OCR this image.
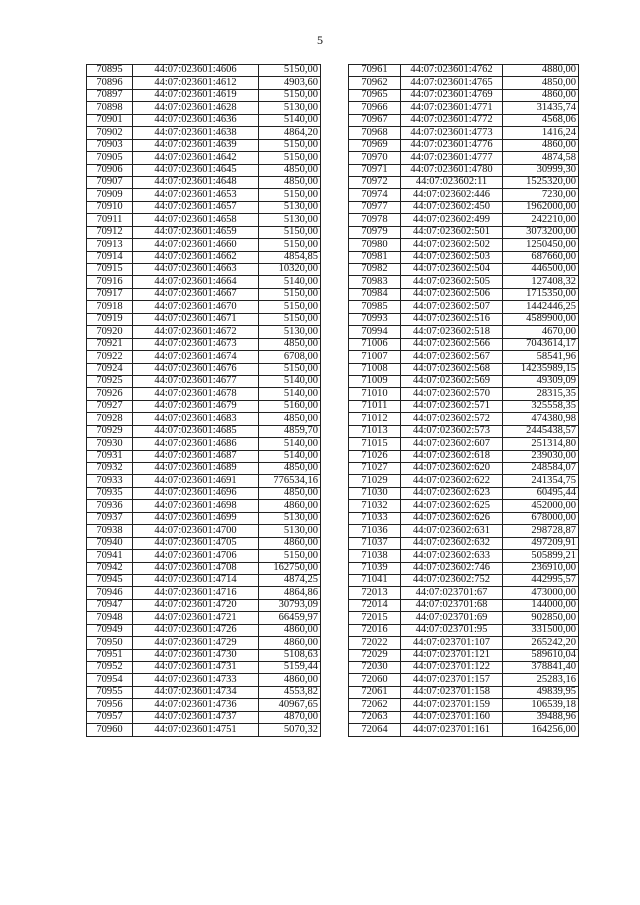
5
70895	44:07:023601:4606	5150,00
70896	44:07:023601:4612	4903,60
70897	44:07:023601:4619	5150,00
70898	44:07:023601:4628	5130,00
70901	44:07:023601:4636	5140,00
70902	44:07:023601:4638	4864,20
70903	44:07:023601:4639	5150,00
70905	44:07:023601:4642	5150,00
70906	44:07:023601:4645	4850,00
70907	44:07:023601:4648	4850,00
70909	44:07:023601:4653	5150,00
70910	44:07:023601:4657	5130,00
70911	44:07:023601:4658	5130,00
70912	44:07:023601:4659	5150,00
70913	44:07:023601:4660	5150,00
70914	44:07:023601:4662	4854,85
70915	44:07:023601:4663	10320,00
70916	44:07:023601:4664	5140,00
70917	44:07:023601:4667	5150,00
70918	44:07:023601:4670	5150,00
70919	44:07:023601:4671	5150,00
70920	44:07:023601:4672	5130,00
70921	44:07:023601:4673	4850,00
70922	44:07:023601:4674	6708,00
70924	44:07:023601:4676	5150,00
70925	44:07:023601:4677	5140,00
70926	44:07:023601:4678	5140,00
70927	44:07:023601:4679	5160,00
70928	44:07:023601:4683	4850,00
70929	44:07:023601:4685	4859,70
70930	44:07:023601:4686	5140,00
70931	44:07:023601:4687	5140,00
70932	44:07:023601:4689	4850,00
70933	44:07:023601:4691	776534,16
70935	44:07:023601:4696	4850,00
70936	44:07:023601:4698	4860,00
70937	44:07:023601:4699	5130,00
70938	44:07:023601:4700	5130,00
70940	44:07:023601:4705	4860,00
70941	44:07:023601:4706	5150,00
70942	44:07:023601:4708	162750,00
70945	44:07:023601:4714	4874,25
70946	44:07:023601:4716	4864,86
70947	44:07:023601:4720	30793,09
70948	44:07:023601:4721	66459,97
70949	44:07:023601:4726	4860,00
70950	44:07:023601:4729	4860,00
70951	44:07:023601:4730	5108,63
70952	44:07:023601:4731	5159,44
70954	44:07:023601:4733	4860,00
70955	44:07:023601:4734	4553,82
70956	44:07:023601:4736	40967,65
70957	44:07:023601:4737	4870,00
70960	44:07:023601:4751	5070,32
70961	44:07:023601:4762	4880,00
70962	44:07:023601:4765	4850,00
70965	44:07:023601:4769	4860,00
70966	44:07:023601:4771	31435,74
70967	44:07:023601:4772	4568,06
70968	44:07:023601:4773	1416,24
70969	44:07:023601:4776	4860,00
70970	44:07:023601:4777	4874,58
70971	44:07:023601:4780	30999,30
70972	44:07:023602:11	1525320,00
70974	44:07:023602:446	7230,00
70977	44:07:023602:450	1962000,00
70978	44:07:023602:499	242210,00
70979	44:07:023602:501	3073200,00
70980	44:07:023602:502	1250450,00
70981	44:07:023602:503	687660,00
70982	44:07:023602:504	446500,00
70983	44:07:023602:505	127408,32
70984	44:07:023602:506	1715350,00
70985	44:07:023602:507	1442446,25
70993	44:07:023602:516	4589900,00
70994	44:07:023602:518	4670,00
71006	44:07:023602:566	7043614,17
71007	44:07:023602:567	58541,96
71008	44:07:023602:568	14235989,15
71009	44:07:023602:569	49309,09
71010	44:07:023602:570	28315,35
71011	44:07:023602:571	325558,35
71012	44:07:023602:572	474380,98
71013	44:07:023602:573	2445438,57
71015	44:07:023602:607	251314,80
71026	44:07:023602:618	239030,00
71027	44:07:023602:620	248584,07
71029	44:07:023602:622	241354,75
71030	44:07:023602:623	60495,44
71032	44:07:023602:625	452000,00
71033	44:07:023602:626	678000,00
71036	44:07:023602:631	298728,87
71037	44:07:023602:632	497209,91
71038	44:07:023602:633	505899,21
71039	44:07:023602:746	236910,00
71041	44:07:023602:752	442995,57
72013	44:07:023701:67	473000,00
72014	44:07:023701:68	144000,00
72015	44:07:023701:69	902850,00
72016	44:07:023701:95	331500,00
72022	44:07:023701:107	265242,20
72029	44:07:023701:121	589610,04
72030	44:07:023701:122	378841,40
72060	44:07:023701:157	25283,16
72061	44:07:023701:158	49839,95
72062	44:07:023701:159	106539,18
72063	44:07:023701:160	39488,96
72064	44:07:023701:161	164256,00
